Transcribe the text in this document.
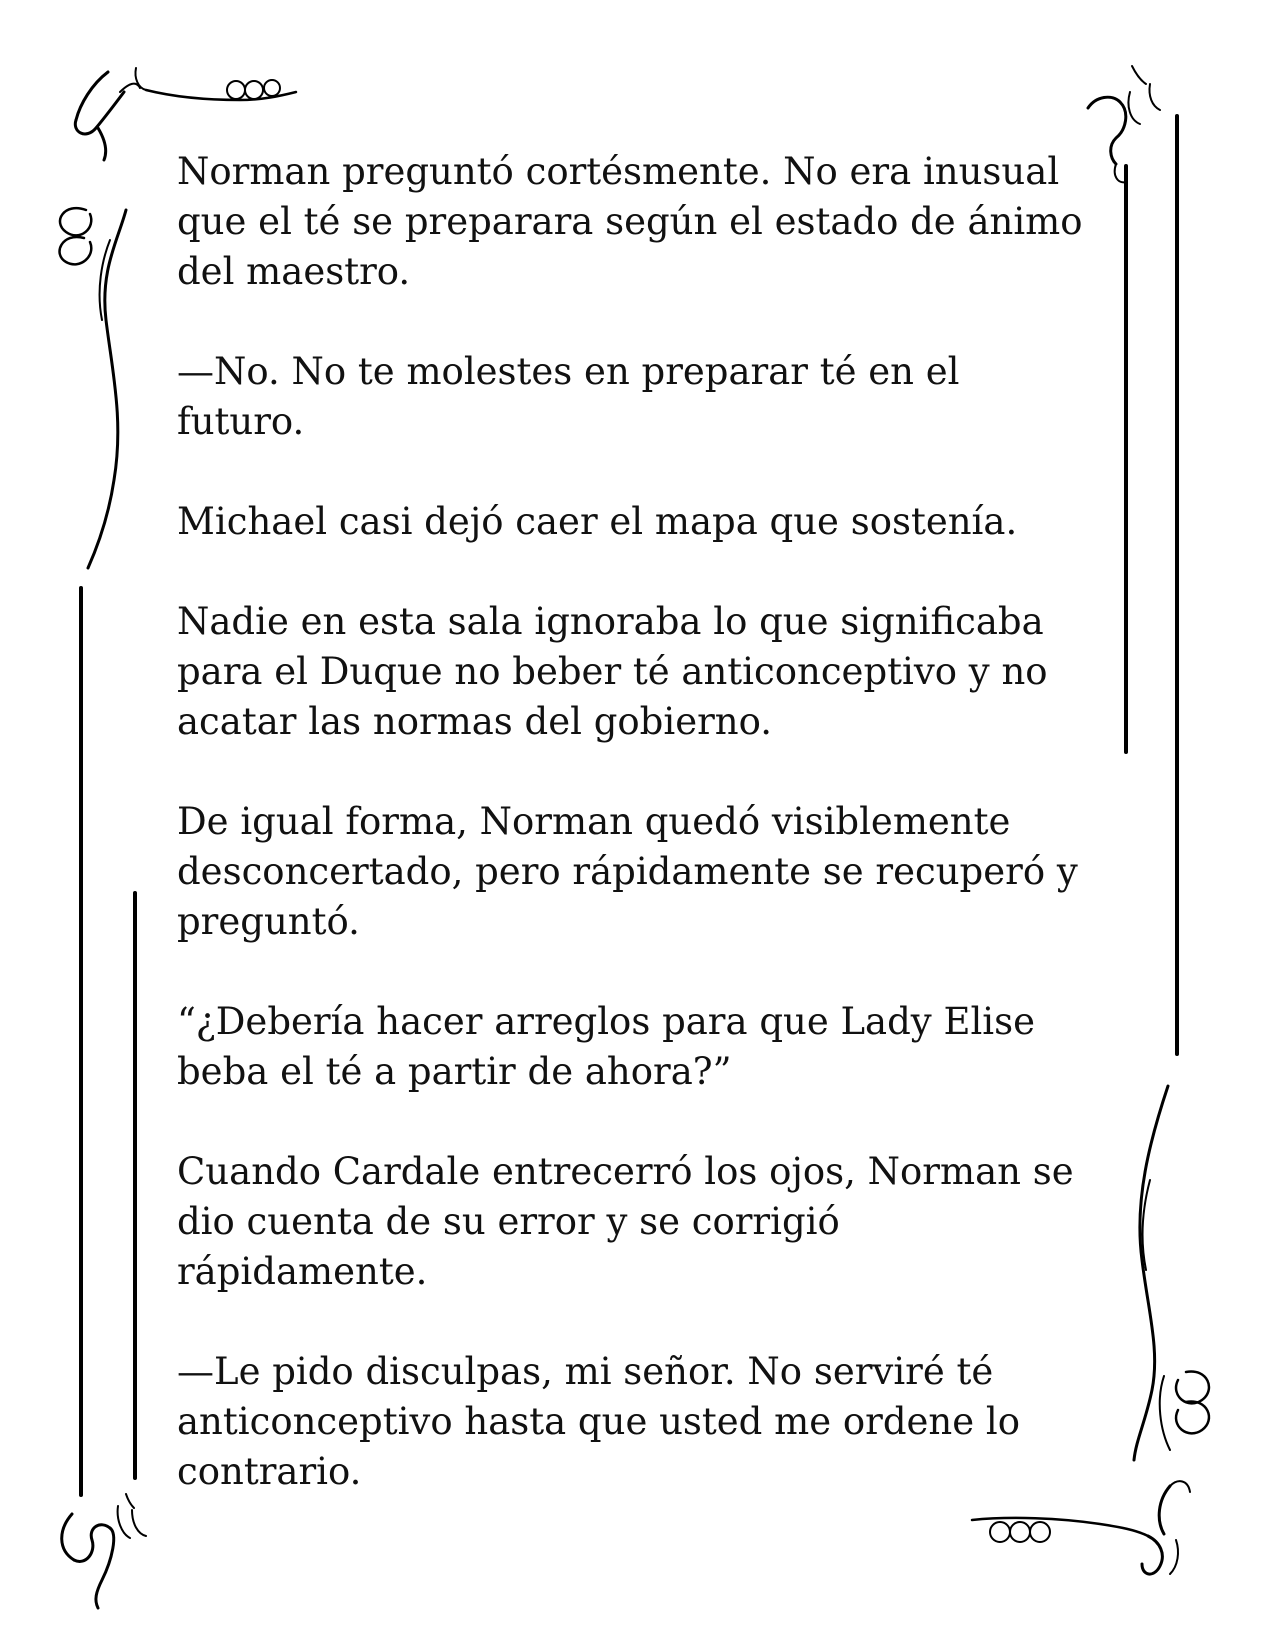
Norman preguntó cortésmente. No era inusual
que el té se preparara según el estado de ánimo
del maestro.

—No. No te molestes en preparar té en el
futuro.

Michael casi dejó caer el mapa que sostenía.

Nadie en esta sala ignoraba lo que significaba
para el Duque no beber té anticonceptivo y no
acatar las normas del gobierno.

De igual forma, Norman quedó visiblemente
desconcertado, pero rápidamente se recuperó y
preguntó.

“¿Debería hacer arreglos para que Lady Elise
beba el té a partir de ahora?”

Cuando Cardale entrecerró los ojos, Norman se
dio cuenta de su error y se corrigió
rápidamente.

—Le pido disculpas, mi señor. No serviré té
anticonceptivo hasta que usted me ordene lo
contrario.
